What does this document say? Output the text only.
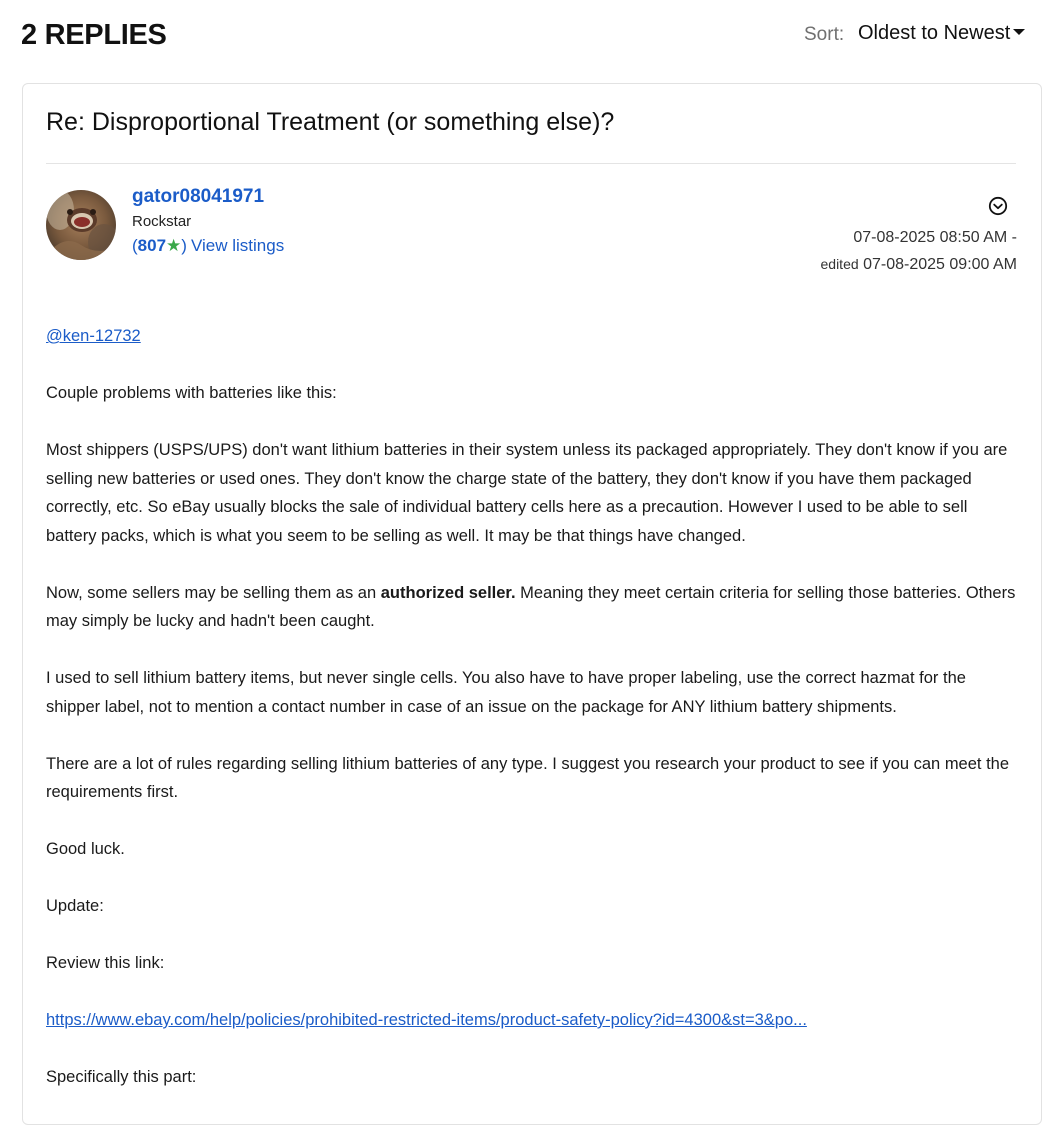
2 REPLIES	Sort: Oldest to Newest
Re: Disproportional Treatment (or something else)?
gator08041971
Rockstar
(807★) View listings	07-08-2025 08:50 AM -
edited 07-08-2025 09:00 AM

@ken-12732

Couple problems with batteries like this:

Most shippers (USPS/UPS) don't want lithium batteries in their system unless its packaged appropriately. They don't know if you are selling new batteries or used ones. They don't know the charge state of the battery, they don't know if you have them packaged correctly, etc. So eBay usually blocks the sale of individual battery cells here as a precaution. However I used to be able to sell battery packs, which is what you seem to be selling as well. It may be that things have changed.

Now, some sellers may be selling them as an authorized seller. Meaning they meet certain criteria for selling those batteries. Others may simply be lucky and hadn't been caught.

I used to sell lithium battery items, but never single cells. You also have to have proper labeling, use the correct hazmat for the shipper label, not to mention a contact number in case of an issue on the package for ANY lithium battery shipments.

There are a lot of rules regarding selling lithium batteries of any type. I suggest you research your product to see if you can meet the requirements first.

Good luck.

Update:

Review this link:

https://www.ebay.com/help/policies/prohibited-restricted-items/product-safety-policy?id=4300&st=3&po...

Specifically this part:
